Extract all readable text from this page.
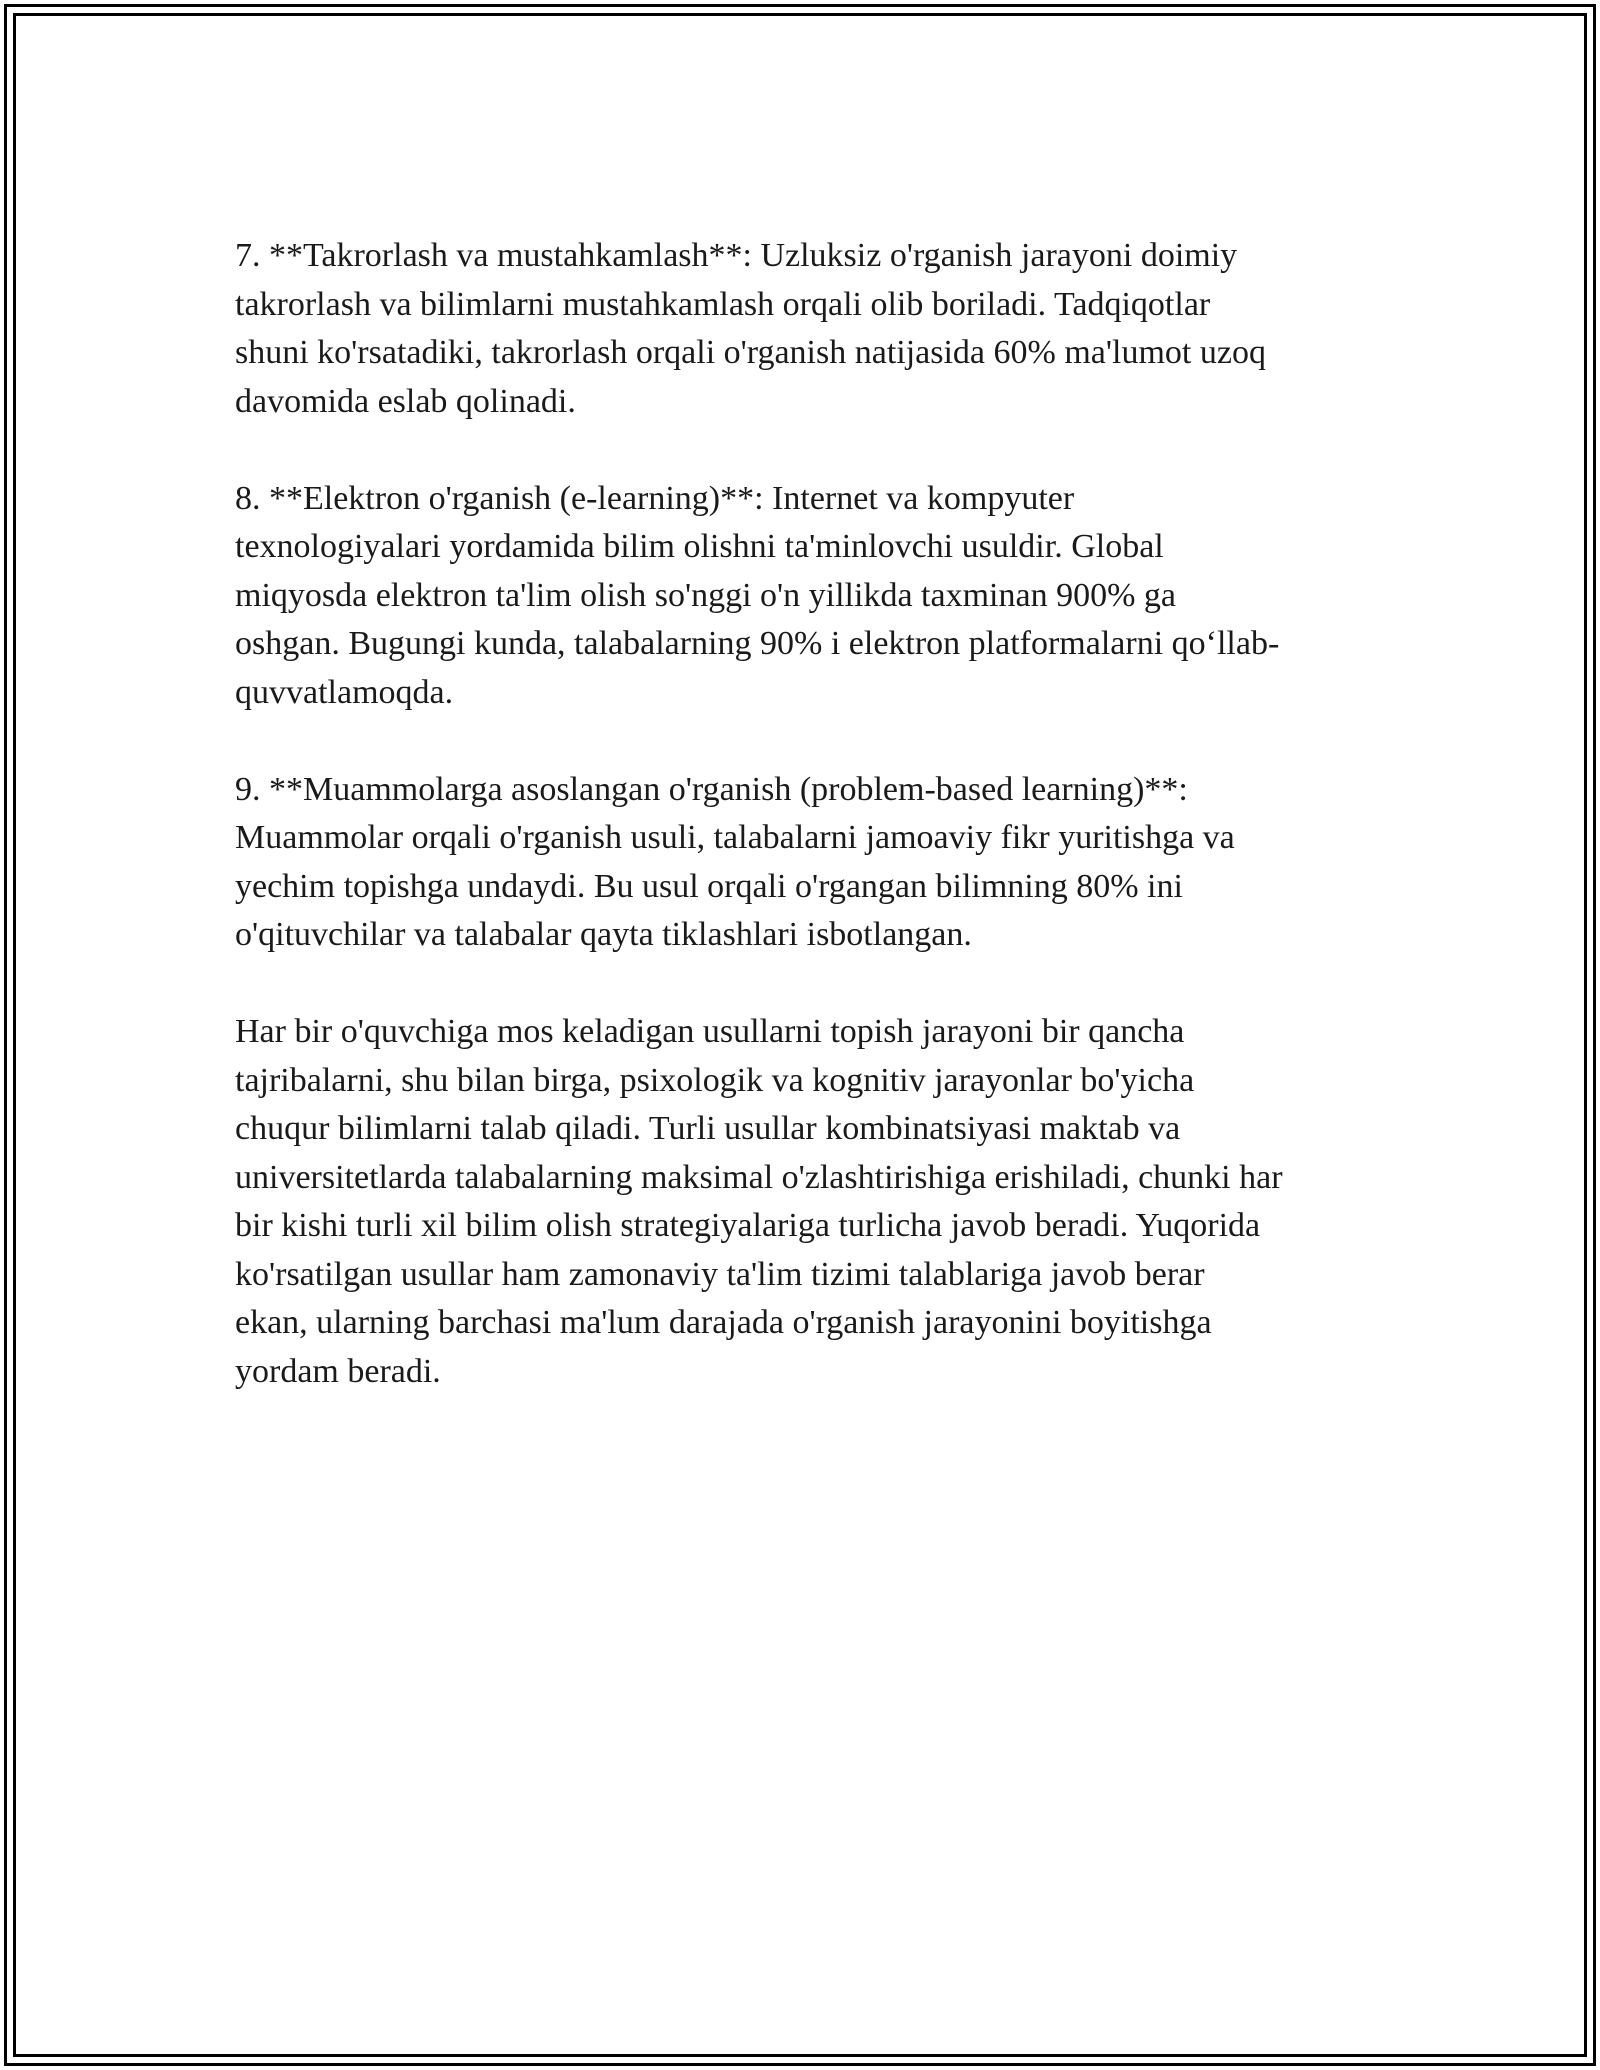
7. **Takrorlash va mustahkamlash**: Uzluksiz o'rganish jarayoni doimiy
takrorlash va bilimlarni mustahkamlash orqali olib boriladi. Tadqiqotlar
shuni ko'rsatadiki, takrorlash orqali o'rganish natijasida 60% ma'lumot uzoq
davomida eslab qolinadi.

8. **Elektron o'rganish (e-learning)**: Internet va kompyuter
texnologiyalari yordamida bilim olishni ta'minlovchi usuldir. Global
miqyosda elektron ta'lim olish so'nggi o'n yillikda taxminan 900% ga
oshgan. Bugungi kunda, talabalarning 90% i elektron platformalarni qo‘llab-
quvvatlamoqda.

9. **Muammolarga asoslangan o'rganish (problem-based learning)**:
Muammolar orqali o'rganish usuli, talabalarni jamoaviy fikr yuritishga va
yechim topishga undaydi. Bu usul orqali o'rgangan bilimning 80% ini
o'qituvchilar va talabalar qayta tiklashlari isbotlangan.

Har bir o'quvchiga mos keladigan usullarni topish jarayoni bir qancha
tajribalarni, shu bilan birga, psixologik va kognitiv jarayonlar bo'yicha
chuqur bilimlarni talab qiladi. Turli usullar kombinatsiyasi maktab va
universitetlarda talabalarning maksimal o'zlashtirishiga erishiladi, chunki har
bir kishi turli xil bilim olish strategiyalariga turlicha javob beradi. Yuqorida
ko'rsatilgan usullar ham zamonaviy ta'lim tizimi talablariga javob berar
ekan, ularning barchasi ma'lum darajada o'rganish jarayonini boyitishga
yordam beradi.
